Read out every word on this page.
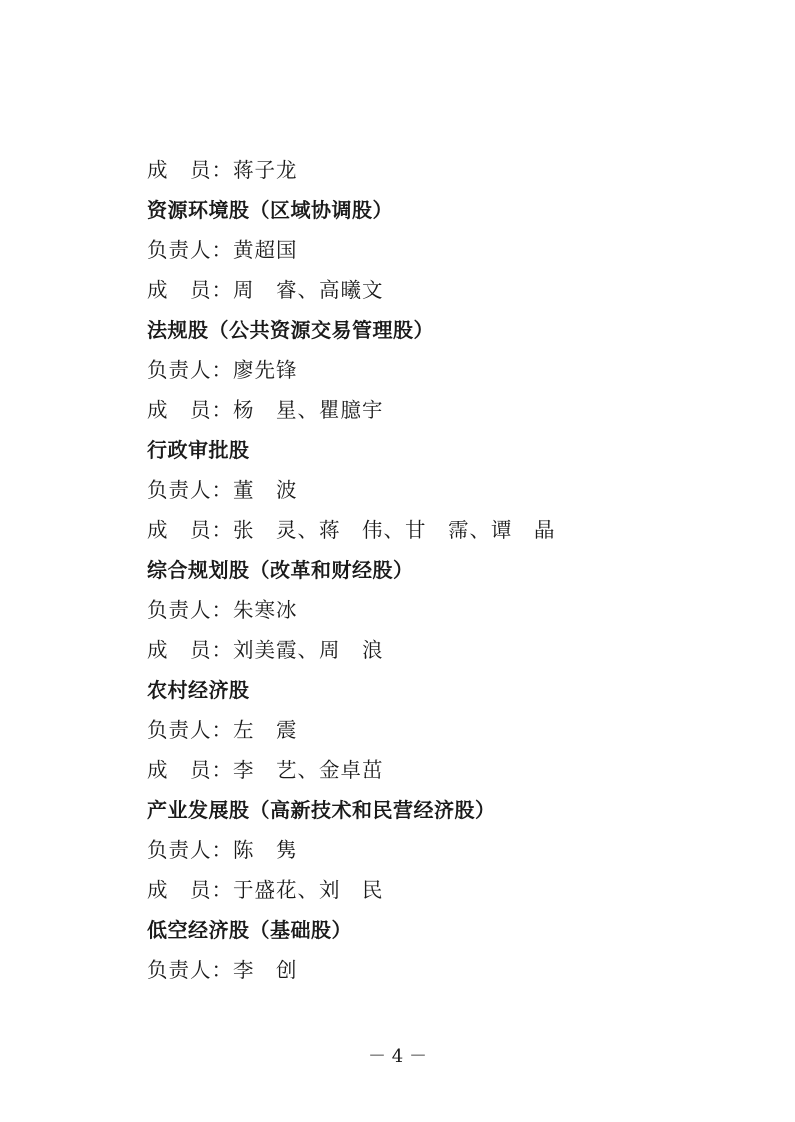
成　员：蒋子龙
资源环境股（区域协调股）
负责人：黄超国
成　员：周　睿、高曦文
法规股（公共资源交易管理股）
负责人：廖先锋
成　员：杨　星、瞿臆宇
行政审批股
负责人：董　波
成　员：张　灵、蒋　伟、甘　霈、谭　晶
综合规划股（改革和财经股）
负责人：朱寒冰
成　员：刘美霞、周　浪
农村经济股
负责人：左　震
成　员：李　艺、金卓茁
产业发展股（高新技术和民营经济股）
负责人：陈　隽
成　员：于盛花、刘　民
低空经济股（基础股）
负责人：李　创
－ 4 －
